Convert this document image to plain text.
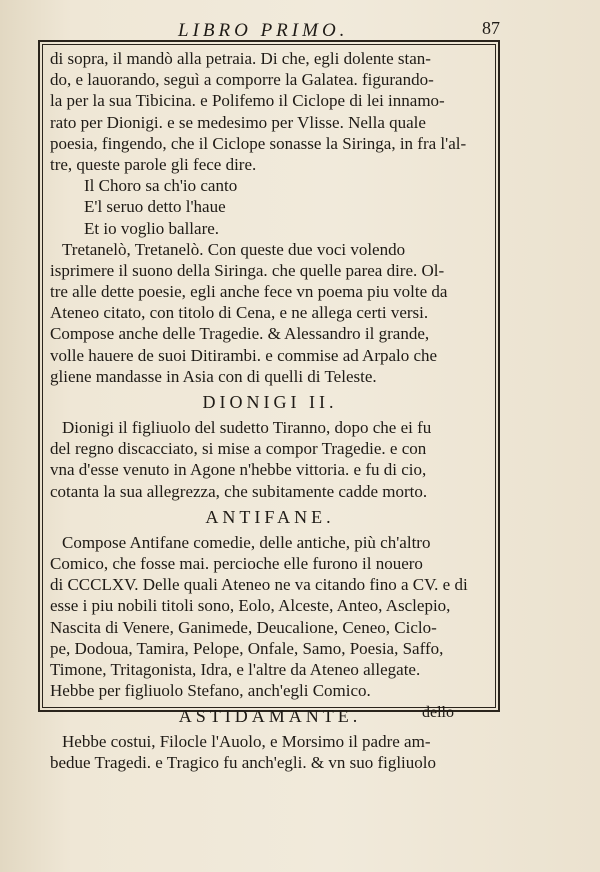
LIBRO PRIMO.	87
di sopra, il mandò alla petraia. Di che, egli dolente stan-
do, e lauorando, seguì a comporre la Galatea. figurando-
la per la sua Tibicina. e Polifemo il Ciclope di lei innamo-
rato per Dionigi. e se medesimo per Vlisse. Nella quale
poesia, fingendo, che il Ciclope sonasse la Siringa, in fra l'al-
tre, queste parole gli fece dire.
Il Choro sa ch'io canto
E'l seruo detto l'haue
Et io voglio ballare.
Tretanelò, Tretanelò. Con queste due voci volendo
isprimere il suono della Siringa. che quelle parea dire. Ol-
tre alle dette poesie, egli anche fece vn poema piu volte da
Ateneo citato, con titolo di Cena, e ne allega certi versi.
Compose anche delle Tragedie. & Alessandro il grande,
volle hauere de suoi Ditirambi. e commise ad Arpalo che
gliene mandasse in Asia con di quelli di Teleste.
DIONIGI II.
Dionigi il figliuolo del sudetto Tiranno, dopo che ei fu
del regno discacciato, si mise a compor Tragedie. e con
vna d'esse venuto in Agone n'hebbe vittoria. e fu di cio,
cotanta la sua allegrezza, che subitamente cadde morto.
ANTIFANE.
Compose Antifane comedie, delle antiche, più ch'altro
Comico, che fosse mai. percioche elle furono il nouero
di CCCLXV. Delle quali Ateneo ne va citando fino a CV. e di
esse i piu nobili titoli sono, Eolo, Alceste, Anteo, Asclepio,
Nascita di Venere, Ganimede, Deucalione, Ceneo, Ciclo-
pe, Dodoua, Tamira, Pelope, Onfale, Samo, Poesia, Saffo,
Timone, Tritagonista, Idra, e l'altre da Ateneo allegate.
Hebbe per figliuolo Stefano, anch'egli Comico.
ASTIDAMANTE.
Hebbe costui, Filocle l'Auolo, e Morsimo il padre am-
bedue Tragedi. e Tragico fu anch'egli. & vn suo figliuolo
dello
